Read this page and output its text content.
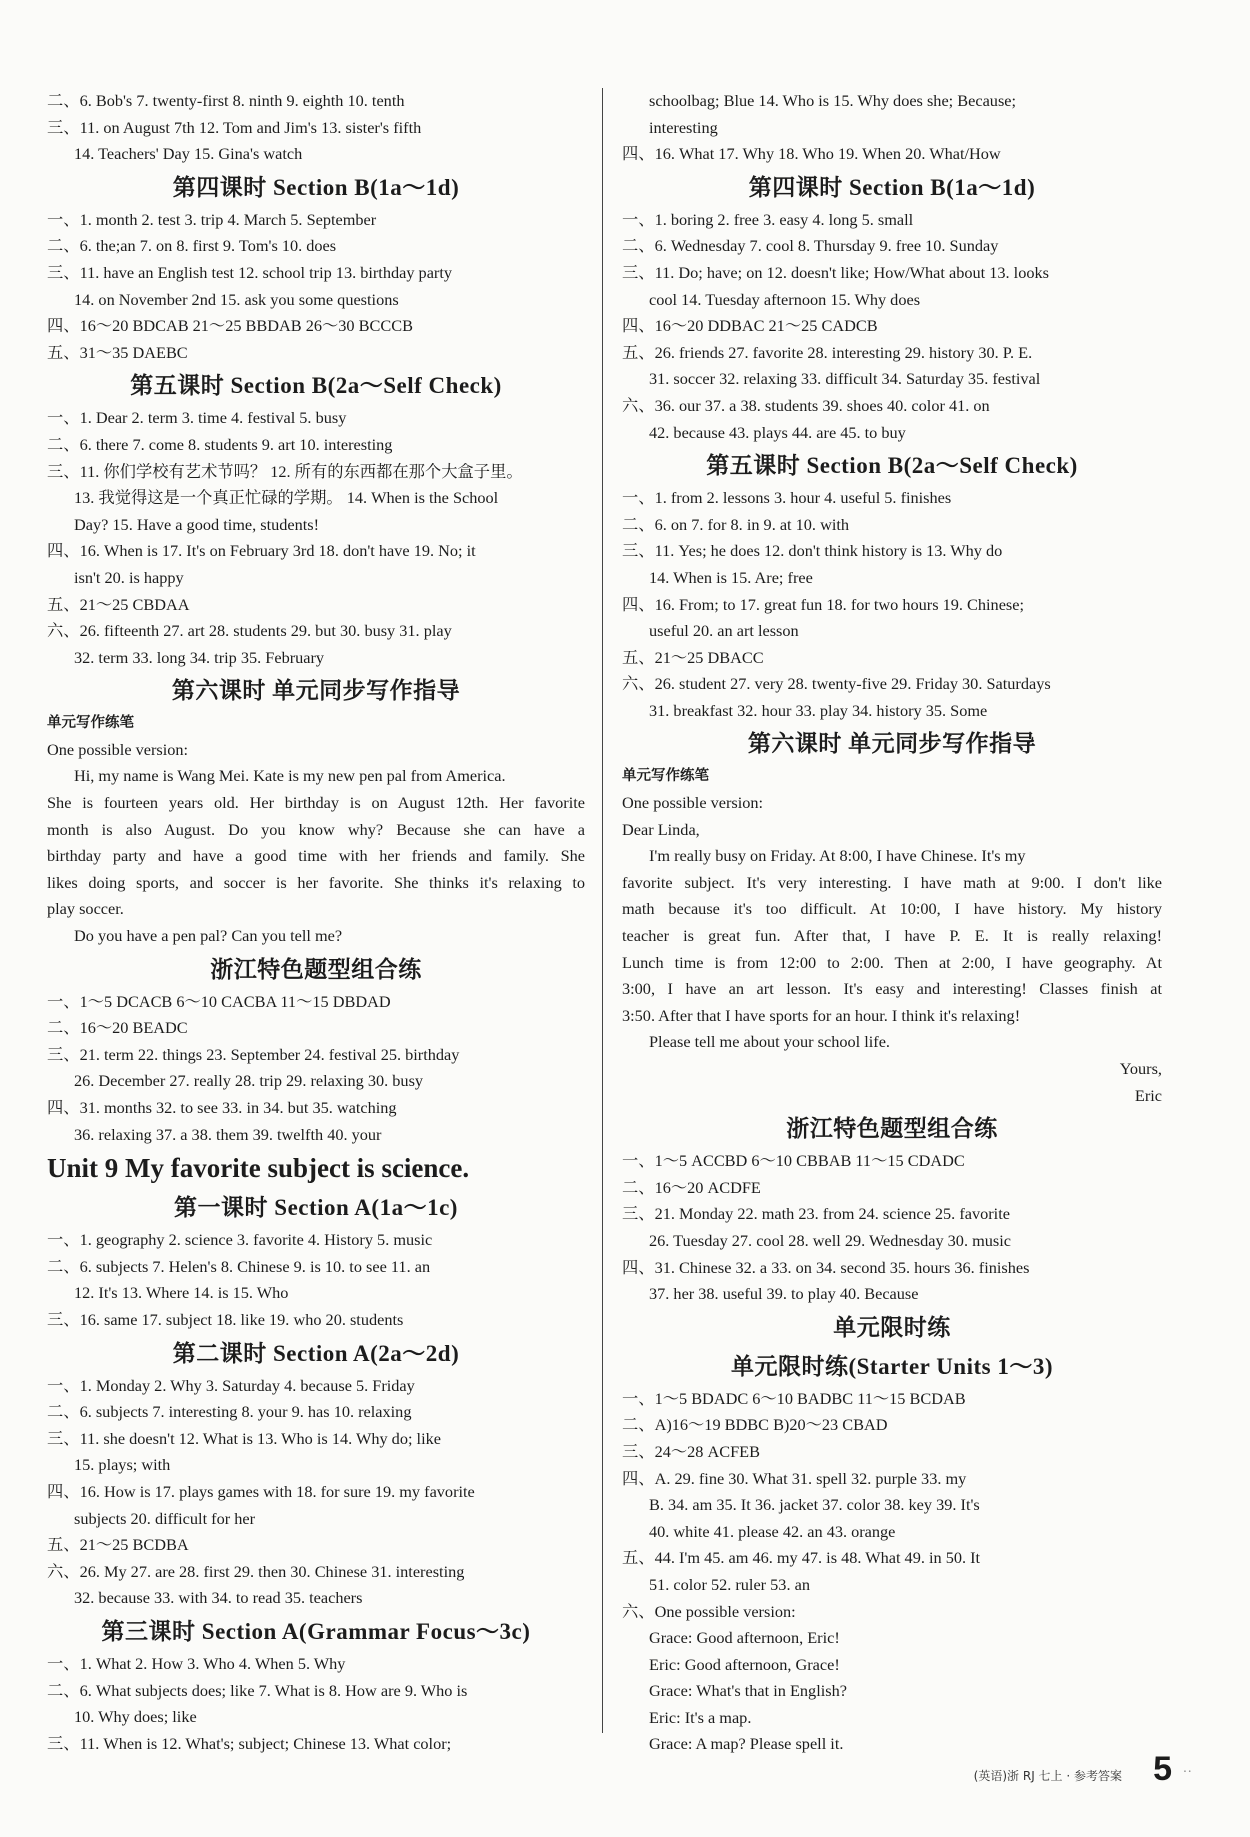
二、6. Bob's 7. twenty-first 8. ninth 9. eighth 10. tenth
三、11. on August 7th 12. Tom and Jim's 13. sister's fifth
14. Teachers' Day 15. Gina's watch
第四课时 Section B(1a～1d)
一、1. month 2. test 3. trip 4. March 5. September
二、6. the;an 7. on 8. first 9. Tom's 10. does
三、11. have an English test 12. school trip 13. birthday party
14. on November 2nd 15. ask you some questions
四、16～20 BDCAB 21～25 BBDAB 26～30 BCCCB
五、31～35 DAEBC
第五课时 Section B(2a～Self Check)
一、1. Dear 2. term 3. time 4. festival 5. busy
二、6. there 7. come 8. students 9. art 10. interesting
三、11. 你们学校有艺术节吗？ 12. 所有的东西都在那个大盒子里。
13. 我觉得这是一个真正忙碌的学期。 14. When is the School
Day? 15. Have a good time, students!
四、16. When is 17. It's on February 3rd 18. don't have 19. No; it
isn't 20. is happy
五、21～25 CBDAA
六、26. fifteenth 27. art 28. students 29. but 30. busy 31. play
32. term 33. long 34. trip 35. February
第六课时 单元同步写作指导
单元写作练笔
One possible version:
Hi, my name is Wang Mei. Kate is my new pen pal from America.
She is fourteen years old. Her birthday is on August 12th. Her favorite
month is also August. Do you know why? Because she can have a
birthday party and have a good time with her friends and family. She
likes doing sports, and soccer is her favorite. She thinks it's relaxing to
play soccer.
Do you have a pen pal? Can you tell me?
浙江特色题型组合练
一、1～5 DCACB 6～10 CACBA 11～15 DBDAD
二、16～20 BEADC
三、21. term 22. things 23. September 24. festival 25. birthday
26. December 27. really 28. trip 29. relaxing 30. busy
四、31. months 32. to see 33. in 34. but 35. watching
36. relaxing 37. a 38. them 39. twelfth 40. your
Unit 9 My favorite subject is science.
第一课时 Section A(1a～1c)
一、1. geography 2. science 3. favorite 4. History 5. music
二、6. subjects 7. Helen's 8. Chinese 9. is 10. to see 11. an
12. It's 13. Where 14. is 15. Who
三、16. same 17. subject 18. like 19. who 20. students
第二课时 Section A(2a～2d)
一、1. Monday 2. Why 3. Saturday 4. because 5. Friday
二、6. subjects 7. interesting 8. your 9. has 10. relaxing
三、11. she doesn't 12. What is 13. Who is 14. Why do; like
15. plays; with
四、16. How is 17. plays games with 18. for sure 19. my favorite
subjects 20. difficult for her
五、21～25 BCDBA
六、26. My 27. are 28. first 29. then 30. Chinese 31. interesting
32. because 33. with 34. to read 35. teachers
第三课时 Section A(Grammar Focus～3c)
一、1. What 2. How 3. Who 4. When 5. Why
二、6. What subjects does; like 7. What is 8. How are 9. Who is
10. Why does; like
三、11. When is 12. What's; subject; Chinese 13. What color;
schoolbag; Blue 14. Who is 15. Why does she; Because;
interesting
四、16. What 17. Why 18. Who 19. When 20. What/How
第四课时 Section B(1a～1d)
一、1. boring 2. free 3. easy 4. long 5. small
二、6. Wednesday 7. cool 8. Thursday 9. free 10. Sunday
三、11. Do; have; on 12. doesn't like; How/What about 13. looks
cool 14. Tuesday afternoon 15. Why does
四、16～20 DDBAC 21～25 CADCB
五、26. friends 27. favorite 28. interesting 29. history 30. P. E.
31. soccer 32. relaxing 33. difficult 34. Saturday 35. festival
六、36. our 37. a 38. students 39. shoes 40. color 41. on
42. because 43. plays 44. are 45. to buy
第五课时 Section B(2a～Self Check)
一、1. from 2. lessons 3. hour 4. useful 5. finishes
二、6. on 7. for 8. in 9. at 10. with
三、11. Yes; he does 12. don't think history is 13. Why do
14. When is 15. Are; free
四、16. From; to 17. great fun 18. for two hours 19. Chinese;
useful 20. an art lesson
五、21～25 DBACC
六、26. student 27. very 28. twenty-five 29. Friday 30. Saturdays
31. breakfast 32. hour 33. play 34. history 35. Some
第六课时 单元同步写作指导
单元写作练笔
One possible version:
Dear Linda,
I'm really busy on Friday. At 8:00, I have Chinese. It's my
favorite subject. It's very interesting. I have math at 9:00. I don't like
math because it's too difficult. At 10:00, I have history. My history
teacher is great fun. After that, I have P. E. It is really relaxing!
Lunch time is from 12:00 to 2:00. Then at 2:00, I have geography. At
3:00, I have an art lesson. It's easy and interesting! Classes finish at
3:50. After that I have sports for an hour. I think it's relaxing!
Please tell me about your school life.
Yours,
Eric
浙江特色题型组合练
一、1～5 ACCBD 6～10 CBBAB 11～15 CDADC
二、16～20 ACDFE
三、21. Monday 22. math 23. from 24. science 25. favorite
26. Tuesday 27. cool 28. well 29. Wednesday 30. music
四、31. Chinese 32. a 33. on 34. second 35. hours 36. finishes
37. her 38. useful 39. to play 40. Because
单元限时练
单元限时练(Starter Units 1～3)
一、1～5 BDADC 6～10 BADBC 11～15 BCDAB
二、A)16～19 BDBC B)20～23 CBAD
三、24～28 ACFEB
四、A. 29. fine 30. What 31. spell 32. purple 33. my
B. 34. am 35. It 36. jacket 37. color 38. key 39. It's
40. white 41. please 42. an 43. orange
五、44. I'm 45. am 46. my 47. is 48. What 49. in 50. It
51. color 52. ruler 53. an
六、One possible version:
Grace: Good afternoon, Eric!
Eric: Good afternoon, Grace!
Grace: What's that in English?
Eric: It's a map.
Grace: A map? Please spell it.
(英语)浙 RJ 七上 · 参考答案 5 ··
